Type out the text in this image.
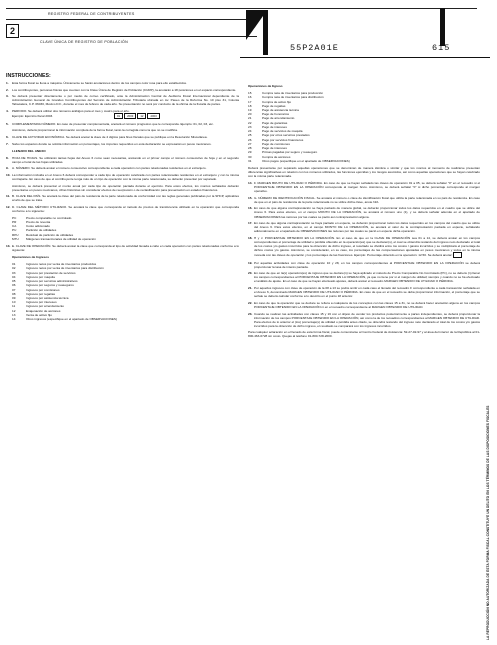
REGISTRO FEDERAL DE CONTRIBUYENTES
2
CLAVE ÚNICA DE REGISTRO DE POBLACIÓN
55P2A01E	615
INSTRUCCIONES:
1.	Esta forma fiscal se llena a máquina. Únicamente se harán anotaciones dentro de los campos color rosa para ello establecidos.
2.	Los contribuyentes, personas físicas que cuenten con la Clave Única de Registro de Población (CURP), la anotarán a 18 posiciones en el espacio correspondiente.
3.	Se deberá presentar directamente o por medio de correo certificado, ante la Administración Central de Auditoría Fiscal Internacional dependiente de la Administración General de Grandes Contribuyentes del Servicio de Administración Tributaria ubicada en Av. Paseo de la Reforma No. 10 piso 31, Colonia Tabacalera, C.P. 06030, México D.F., durante el mes de febrero de cada año. Su presentación no será por conducto de la oficina de la fiscalía de partes.
4.	PERIODO. Se deberá utilizar dos números arábigos para el mes y cuatro para el año.
Ejemplo: Ejercicio fiscal 2003.	01	2003	12	2003
5.	COMPLEMENTARIA NÚMERO. En caso de presentar complementaria, anotará el número progresivo que le corresponda. Ejemplo: 01, 02, 03, etc.
Asimismo, deberá proporcionar la información completa de la forma fiscal, tanto la corregida como la que no se modifica.
6.	CLAVE DE ACTIVIDAD ECONÓMICA. Se deberá anotar la clave de 4 dígitos para fines fiscales que se publique en la Resolución Miscelánea.
7.	Salvo los espacios donde se solicita información en porcentajes, los importes requeridos en esta declaración se expresarán en pesos mexicanos.
LLENADO DEL ANEXO
8.	HOJA DE HOJAS. Se utilizarán tantas hojas del Anexo 6 como sean necesarias, anotando en el primer campo el número consecutivo de hoja y en el segundo campo el total de las hojas utilizadas.
9.	A. NÚMERO. Se deberá anotar el número consecutivo correspondiente a cada operación con partes relacionadas residentes en el extranjero.
10. La información incluida en el Anexo 6 deberá corresponder a cada tipo de operación celebrada con partes relacionadas residentes en el extranjero y con la misma contraparte. En caso de que el contribuyente tenga más de un tipo de operación con la misma parte relacionada, se deberán presentar por separado.
Asimismo, se deberá presentar el monto anual por cada tipo de operación pactada durante el ejercicio. Para estos efectos, los montos señalados deberán presentarse en pesos mexicanos, cifras históricas sin considerar efectos de reexpresión o de reclasificación para presentación en estados financieros.
11. B. CLAVE DEL PAÍS. Se anotará la clave del país de residencia de la parte relacionada de conformidad con las reglas generales publicadas por la SHCP, aplicables al año de que se trata.
12. D. CLAVE DEL MÉTODO UTILIZADO. Se anotará la clave que corresponda al método de precios de transferencia utilizado en la operación que corresponda conforme a lo siguiente:
PC	Precio comparable no controlado
PR	Precio de reventa
CA	Costo adicionado
PU	Partición de utilidades
RPU	Residual de partición de utilidades
MTU	Márgenes transaccionales de utilidad de operación
13. E. CLAVE DE OPERACIÓN. Se deberá anotar la clave que corresponda al tipo de actividad llevada a cabo en cada operación con partes relacionadas conforme a lo siguiente:
Operaciones de Ingresos
01	Ingresos netos por venta de inventarios producidos
02	Ingresos netos por venta de inventarios para distribución
03	Ingresos por prestación de servicios
04	Ingresos por maquila
05	Ingresos por servicios administrativos
06	Ingresos por seguros y reaseguros
07	Ingresos por comisiones
08	Ingresos por regalías
09	Ingresos por asistencia técnica
10	Ingresos por intereses
11	Ingresos por arrendamiento
12	Enajenación de acciones
13	Venta de activo fijo
14	Otros ingresos (especifique en el apartado de OBSERVACIONES)
Operaciones de Egreso
15	Compra neta de inventarios para producción
16	Compra neta de inventarios para distribución
17	Compra de activo fijo
18	Pago de regalías
19	Pago de asistencia técnica
20	Pago de honorarios
21	Pago de arrendamiento
22	Pago de garantías
23	Pago de intereses
24	Pago de servicios de maquila
25	Pago por otros servicios prestados
26	Pago por servicios financieros
27	Pago de comisiones
28	Pago de intereses
29	Primas pagadas por seguro y reaseguro
30	Compra de acciones
31	Otros pagos (especifique en el apartado de OBSERVACIONES)

Deberá presentarse por separado aquellas operaciones que se denominan de manera idéntica o similar y que los montos al momento de realizarse presentan diferencias significativas en relación con los números utilizados, las funciones ejercidas y los riesgos asumidos, así como aquellas operaciones que se hayan celebrado con la misma parte relacionada.

14. F. MARGEN BRUTO DE UTILIDAD O PÉRDIDA. En caso de que se hayan señalado las claves de operación 01 a 05, se deberá señalar "0" en el recuadro si el PORCENTAJE OBTENIDO EN LA OPERACIÓN corresponde al margen bruto. Asimismo, se deberá señalar "0" si dicho porcentaje corresponde al margen operativo.
15. G. NÚMERO DE IDENTIFICACIÓN FISCAL. Se anotará el número o clave de identificación fiscal que utiliza la parte relacionada en su país de residencia. En caso de que en el país de residencia de la parte relacionada no se utilice dicha clave, anote N/A.
16. En caso de que alguna contraprestación se haya pactado de manera global, se deberán proporcionar todos los datos requeridos en el cuadro que se utilice del Anexo 6. Para estos efectos, en el campo MONTO DE LA OPERACIÓN, se anotará el número uno (1), y se deberá señalar además en el apartado de OBSERVACIONES las razones por las cuales se pactó así contraprestación alguna.
17. En caso de que alguna contraprestación se haya pactado en especie, se deberán proporcionar todos los datos requeridos en los campos del cuadro que se utilice del Anexo 6. Para estos efectos, en el campo MONTO DE LA OPERACIÓN, se anotará el valor de la contraprestación pactada en especie, señalando adicionalmente en el apartado de OBSERVACIONES las razones por las cuales se pactó en especie dicha operación.
18. H y J. PORCENTAJE OBTENIDO EN LA OPERACIÓN. En el caso de que en la CLAVE DE OPERACIÓN sea 01 a 14, se deberá anotar en los campos correspondientes el porcentaje de utilidad o pérdida obtenido en la operación(es) que se declaren(s), el cual se obtendrá restando del ingreso neto declarado el total de los costos y/o gastos incurridos para la obtención de dicho ingreso, el resultado se dividirá entre los costos / gastos incurridos y se multiplicará el porcentaje de dichos costos y/o gastos. Asimismo, se considerarán, en su caso, los porcentajes de las compensaciones ajustadas en pesos mexicanos y todos en la misma moneda con las claves de operación y los porcentajes de las fracciones. Ejemplo: Porcentaje obtenido en la operación: 12.50. Se deberá anotar:
19. Por aquellas actividades con clave de operación 10 y 28, en los campos correspondientes al PORCENTAJE OBTENIDO EN LA OPERACIÓN se deberá proporcionar la tasa de interés pactada.
20. En caso de que en la(s) operación(es) de ingreso que se declare(n) se haya aplicado el método de Precio Comparable No Controlado (PC), no se deberá (n) llenar los campos correspondientes al PORCENTAJE OBTENIDO EN LA OPERACIÓN, ya que no tiene por sí el margen de utilidad; siempre y cuando no se ha efectuado el análisis de ajuste. En el caso de que se hayan efectuado ajustes, deberá anotar el recuadro MARGEN OBTENIDO DE UTILIDAD O PÉRDIDA.
21. Por aquellos ingresos con clave de operación de la 08 a 13 se podrá omitir en cada caso el llenado del recuadro F correspondiente a cada transacción señalada en el Anexo 6, denominado MARGEN OBTENIDO DE UTILIDAD O PÉRDIDA. En caso de que en el recuadro se deba proporcionar información, el porcentaje que se señale se deberá calcular conforme a lo descrito en el punto 18 anterior.
22. En caso de que la operación que se declare se refiera a cualquiera de los conceptos con las claves 15 a 31, no se deberá hacer anotación alguna en los campos PORCENTAJE OBTENIDO EN LA OPERACIÓN ni en el recuadro correspondiente al MARGEN OBTENIDO DE UTILIDAD.
23. Cuando se realicen las actividades con claves 15 y 16 con el objeto de vender los productos posteriormente a partes independientes, se deberá proporcionar la información de los campos PORCENTAJE OBTENIDO EN LA OPERACIÓN, así como la de los recuadros correspondientes al MARGEN OBTENIDO DE UTILIDAD. Para efectos de lo anterior el (los) porcentaje(s) de utilidad o pérdida antes citado, se obtendrá restando del ingreso neto declarado el total de los costos y/o gastos incurridos para la obtención de dicho ingreso, el resultado se comparará con los ingresos incurridos.

Para cualquier aclaración en el llenado de esta forma fiscal, puede comunicarse al Centro Federal de Asistencia: 52-27-02-97 y al área del interior de la República al 01-800-463-6728 sin costo. Quejas al teléfono 01-800-728-2000.

LA REPRODUCCIÓN NO AUTORIZADA DE ESTA FORMA FISCAL CONSTITUYE UN DELITO EN LOS TÉRMINOS DE LAS DISPOSICIONES FISCALES
